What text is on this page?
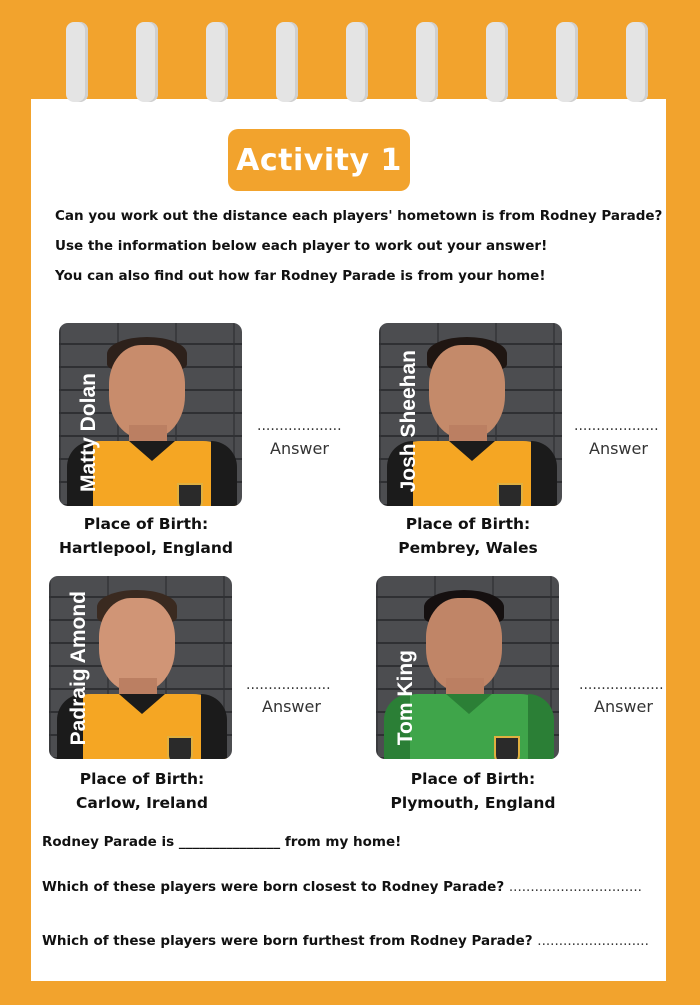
Activity 1
Can you work out the distance each players' hometown is from Rodney Parade?
Use the information below each player to work out your answer!
You can also find out how far Rodney Parade is from your home!
Matty Dolan	...................
Answer
Place of Birth:
Hartlepool, England
Josh Sheehan	...................
Answer
Place of Birth:
Pembrey, Wales
Padraig Amond	...................
Answer
Place of Birth:
Carlow, Ireland
Tom King	...................
Answer
Place of Birth:
Plymouth, England
Rodney Parade is _______________ from my home!
Which of these players were born closest to Rodney Parade? ...............................
Which of these players were born furthest from Rodney Parade? ..........................
